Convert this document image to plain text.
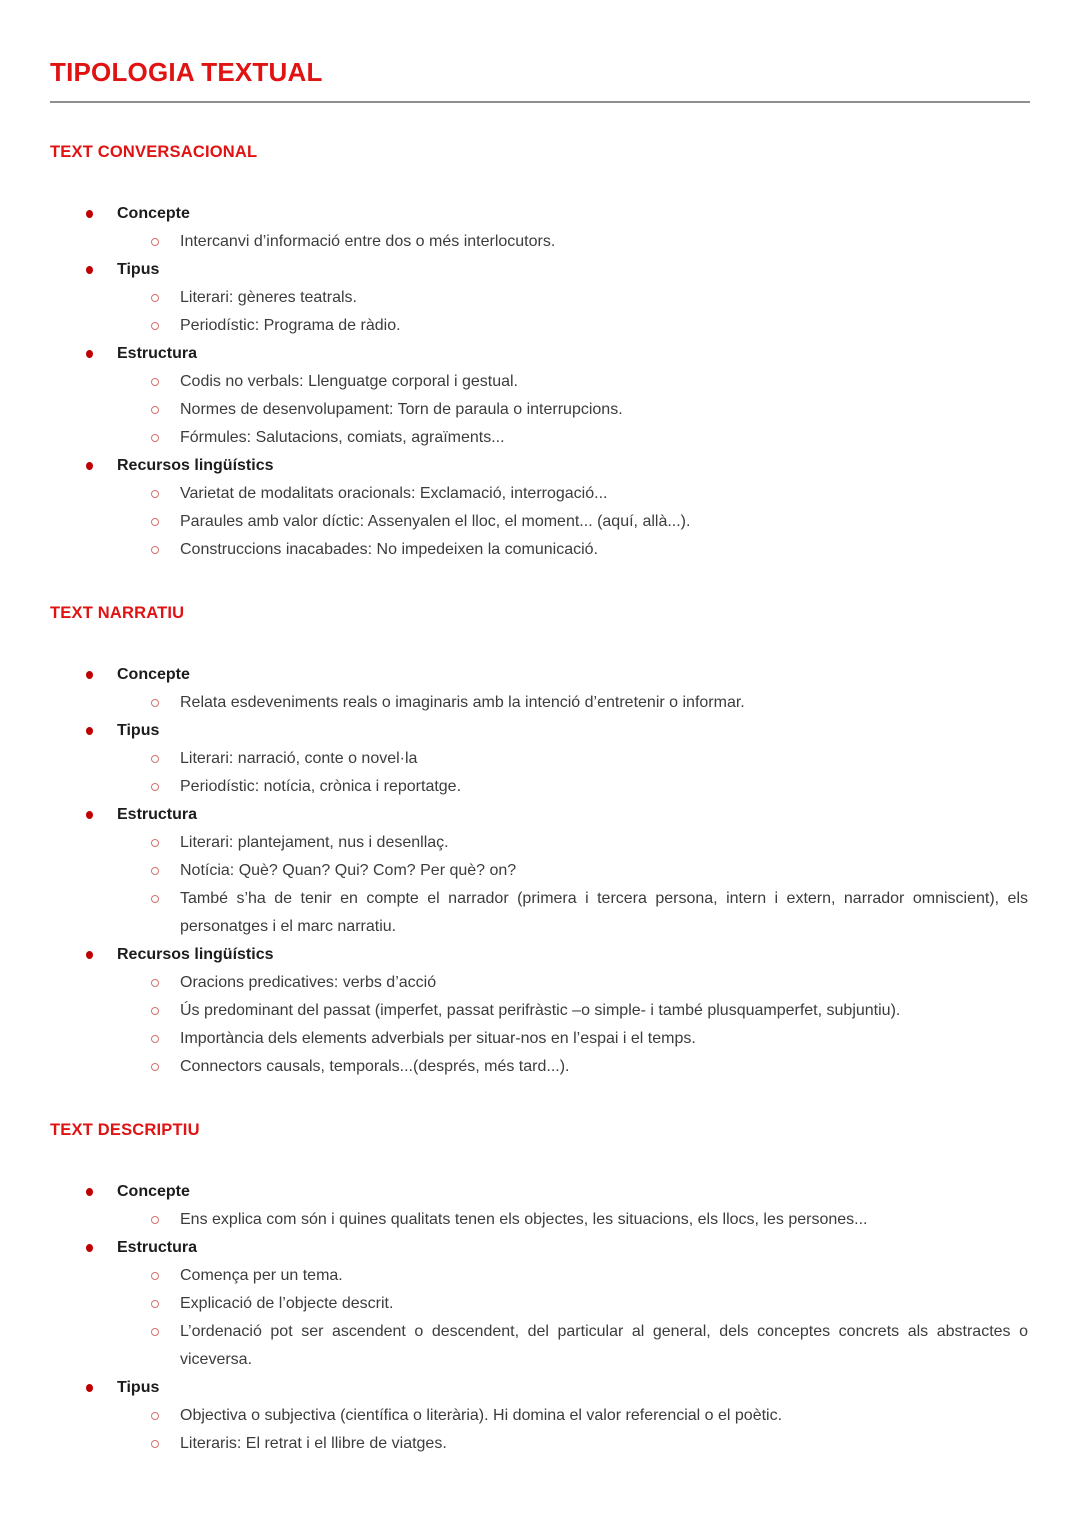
TIPOLOGIA TEXTUAL
TEXT CONVERSACIONAL
Concepte
Intercanvi d’informació entre dos o més interlocutors.
Tipus
Literari: gèneres teatrals.
Periodístic: Programa de ràdio.
Estructura
Codis no verbals: Llenguatge corporal i gestual.
Normes de desenvolupament: Torn de paraula o interrupcions.
Fórmules: Salutacions, comiats, agraïments...
Recursos lingüístics
Varietat de modalitats oracionals: Exclamació, interrogació...
Paraules amb valor díctic: Assenyalen el lloc, el moment... (aquí, allà...).
Construccions inacabades: No impedeixen la comunicació.
TEXT NARRATIU
Concepte
Relata esdeveniments reals o imaginaris amb la intenció d’entretenir o informar.
Tipus
Literari: narració, conte o novel·la
Periodístic: notícia, crònica i reportatge.
Estructura
Literari: plantejament, nus i desenllaç.
Notícia: Què? Quan? Qui? Com? Per què? on?
També s’ha de tenir en compte el narrador (primera i tercera persona, intern i extern, narrador omniscient), els personatges i el marc narratiu.
Recursos lingüístics
Oracions predicatives: verbs d’acció
Ús predominant del passat (imperfet, passat perifràstic –o simple- i també plusquamperfet, subjuntiu).
Importància dels elements adverbials per situar-nos en l’espai i el temps.
Connectors causals, temporals...(després, més tard...).
TEXT DESCRIPTIU
Concepte
Ens explica com són i quines qualitats tenen els objectes, les situacions, els llocs, les persones...
Estructura
Comença per un tema.
Explicació de l’objecte descrit.
L’ordenació pot ser ascendent o descendent, del particular al general, dels conceptes concrets als abstractes o viceversa.
Tipus
Objectiva o subjectiva (científica o literària). Hi domina el valor referencial o el poètic.
Literaris: El retrat i el llibre de viatges.
